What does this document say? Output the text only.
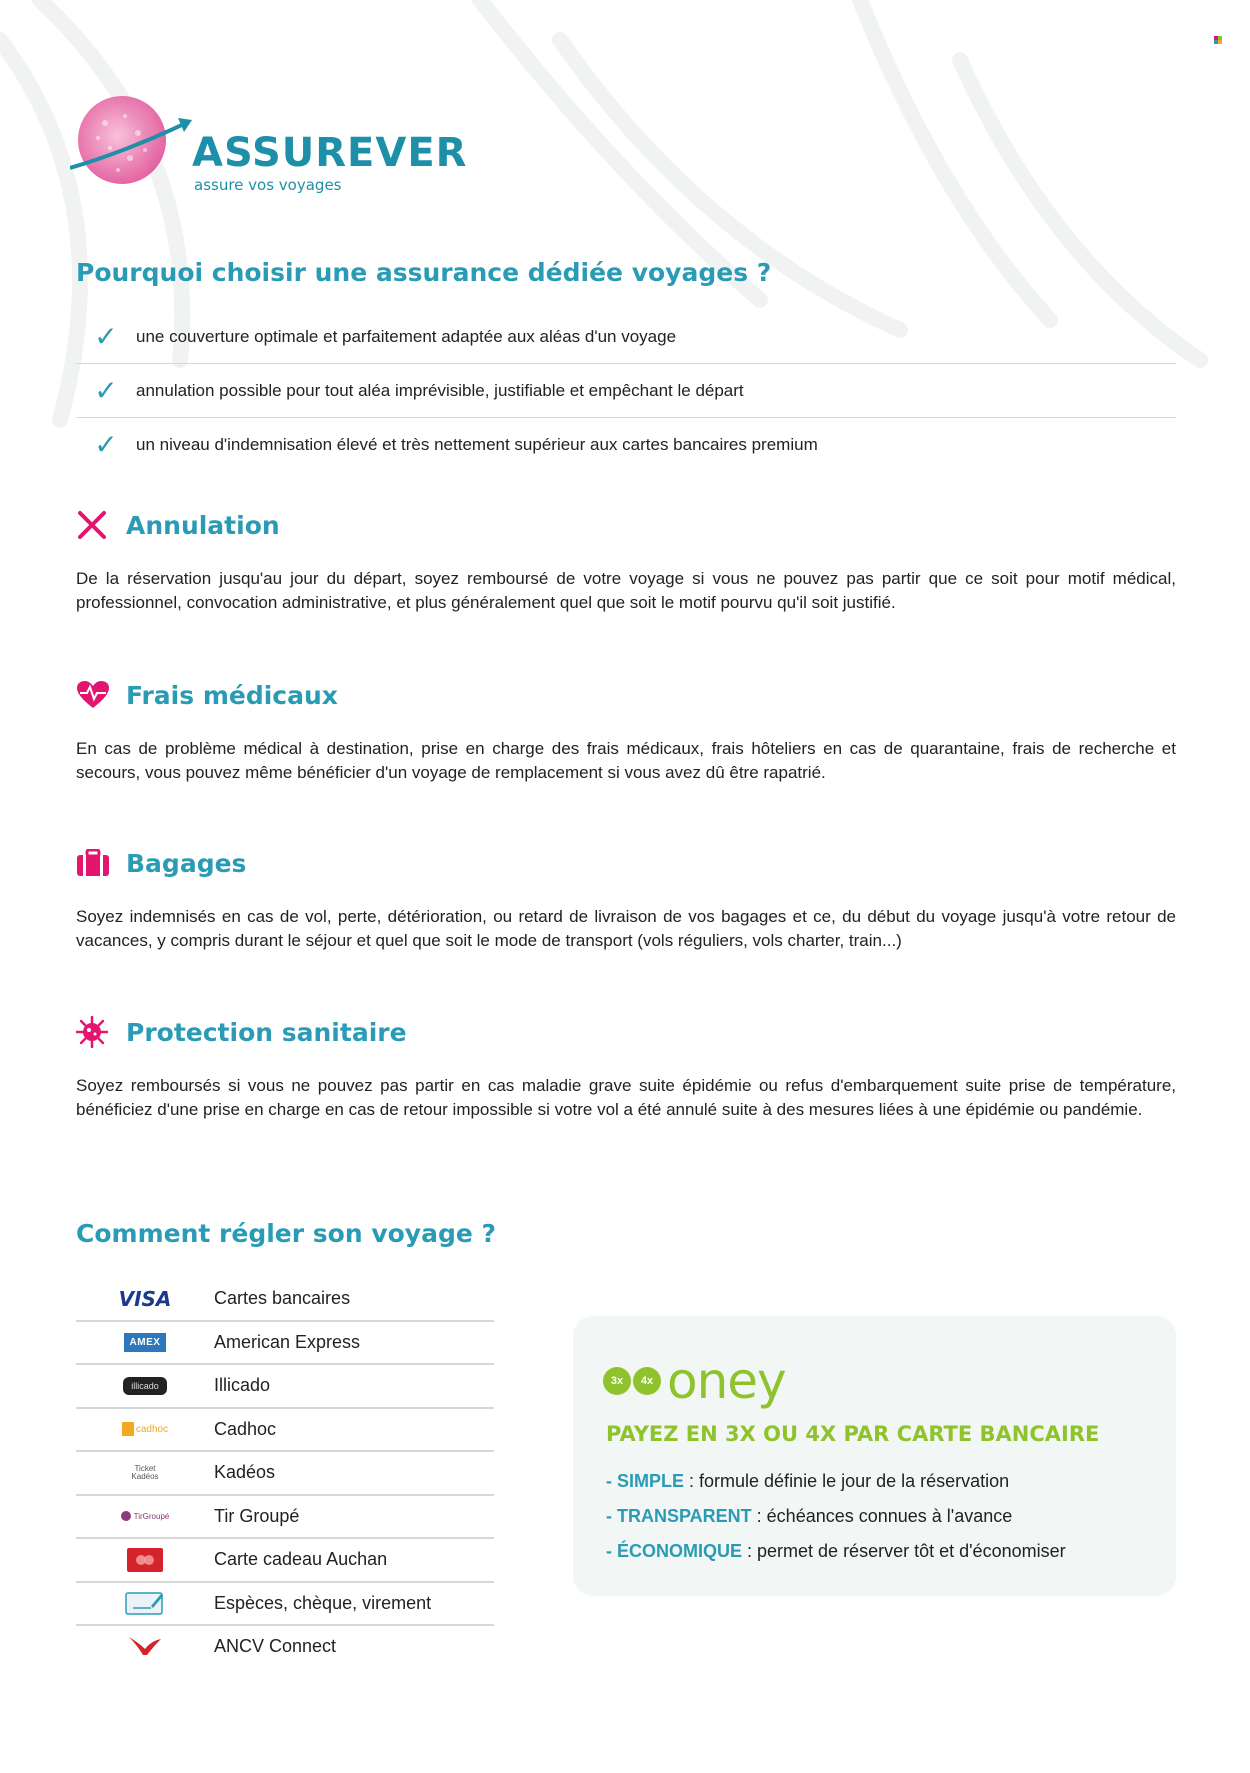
ASSUREVER
assure vos voyages
Pourquoi choisir une assurance dédiée voyages ?
✓	une couverture optimale et parfaitement adaptée aux aléas d'un voyage
✓	annulation possible pour tout aléa imprévisible, justifiable et empêchant le départ
✓	un niveau d'indemnisation élevé et très nettement supérieur aux cartes bancaires premium
Annulation
De la réservation jusqu'au jour du départ, soyez remboursé de votre voyage si vous ne pouvez pas partir que ce soit pour motif médical, professionnel, convocation administrative, et plus généralement quel que soit le motif pourvu qu'il soit justifié.
Frais médicaux
En cas de problème médical à destination, prise en charge des frais médicaux, frais hôteliers en cas de quarantaine, frais de recherche et secours, vous pouvez même bénéficier d'un voyage de remplacement si vous avez dû être rapatrié.
Bagages
Soyez indemnisés en cas de vol, perte, détérioration, ou retard de livraison de vos bagages et ce, du début du voyage jusqu'à votre retour de vacances, y compris durant le séjour et quel que soit le mode de transport (vols réguliers, vols charter, train...)
Protection sanitaire
Soyez remboursés si vous ne pouvez pas partir en cas maladie grave suite épidémie ou refus d'embarquement suite prise de température, bénéficiez d'une prise en charge en cas de retour impossible si votre vol a été annulé suite à des mesures liées à une épidémie ou pandémie.
Comment régler son voyage ?
VISA Cartes bancaires
AMEX	American Express
illicado	Illicado
cadhoc	Cadhoc
Ticket Kadéos	Kadéos
TirGroupé Tir Groupé
Carte cadeau Auchan
Espèces, chèque, virement
ANCV Connect
3x	4x oney
PAYEZ EN 3X OU 4X PAR CARTE BANCAIRE
- SIMPLE : formule définie le jour de la réservation
- TRANSPARENT : échéances connues à l'avance
- ÉCONOMIQUE : permet de réserver tôt et d'économiser
